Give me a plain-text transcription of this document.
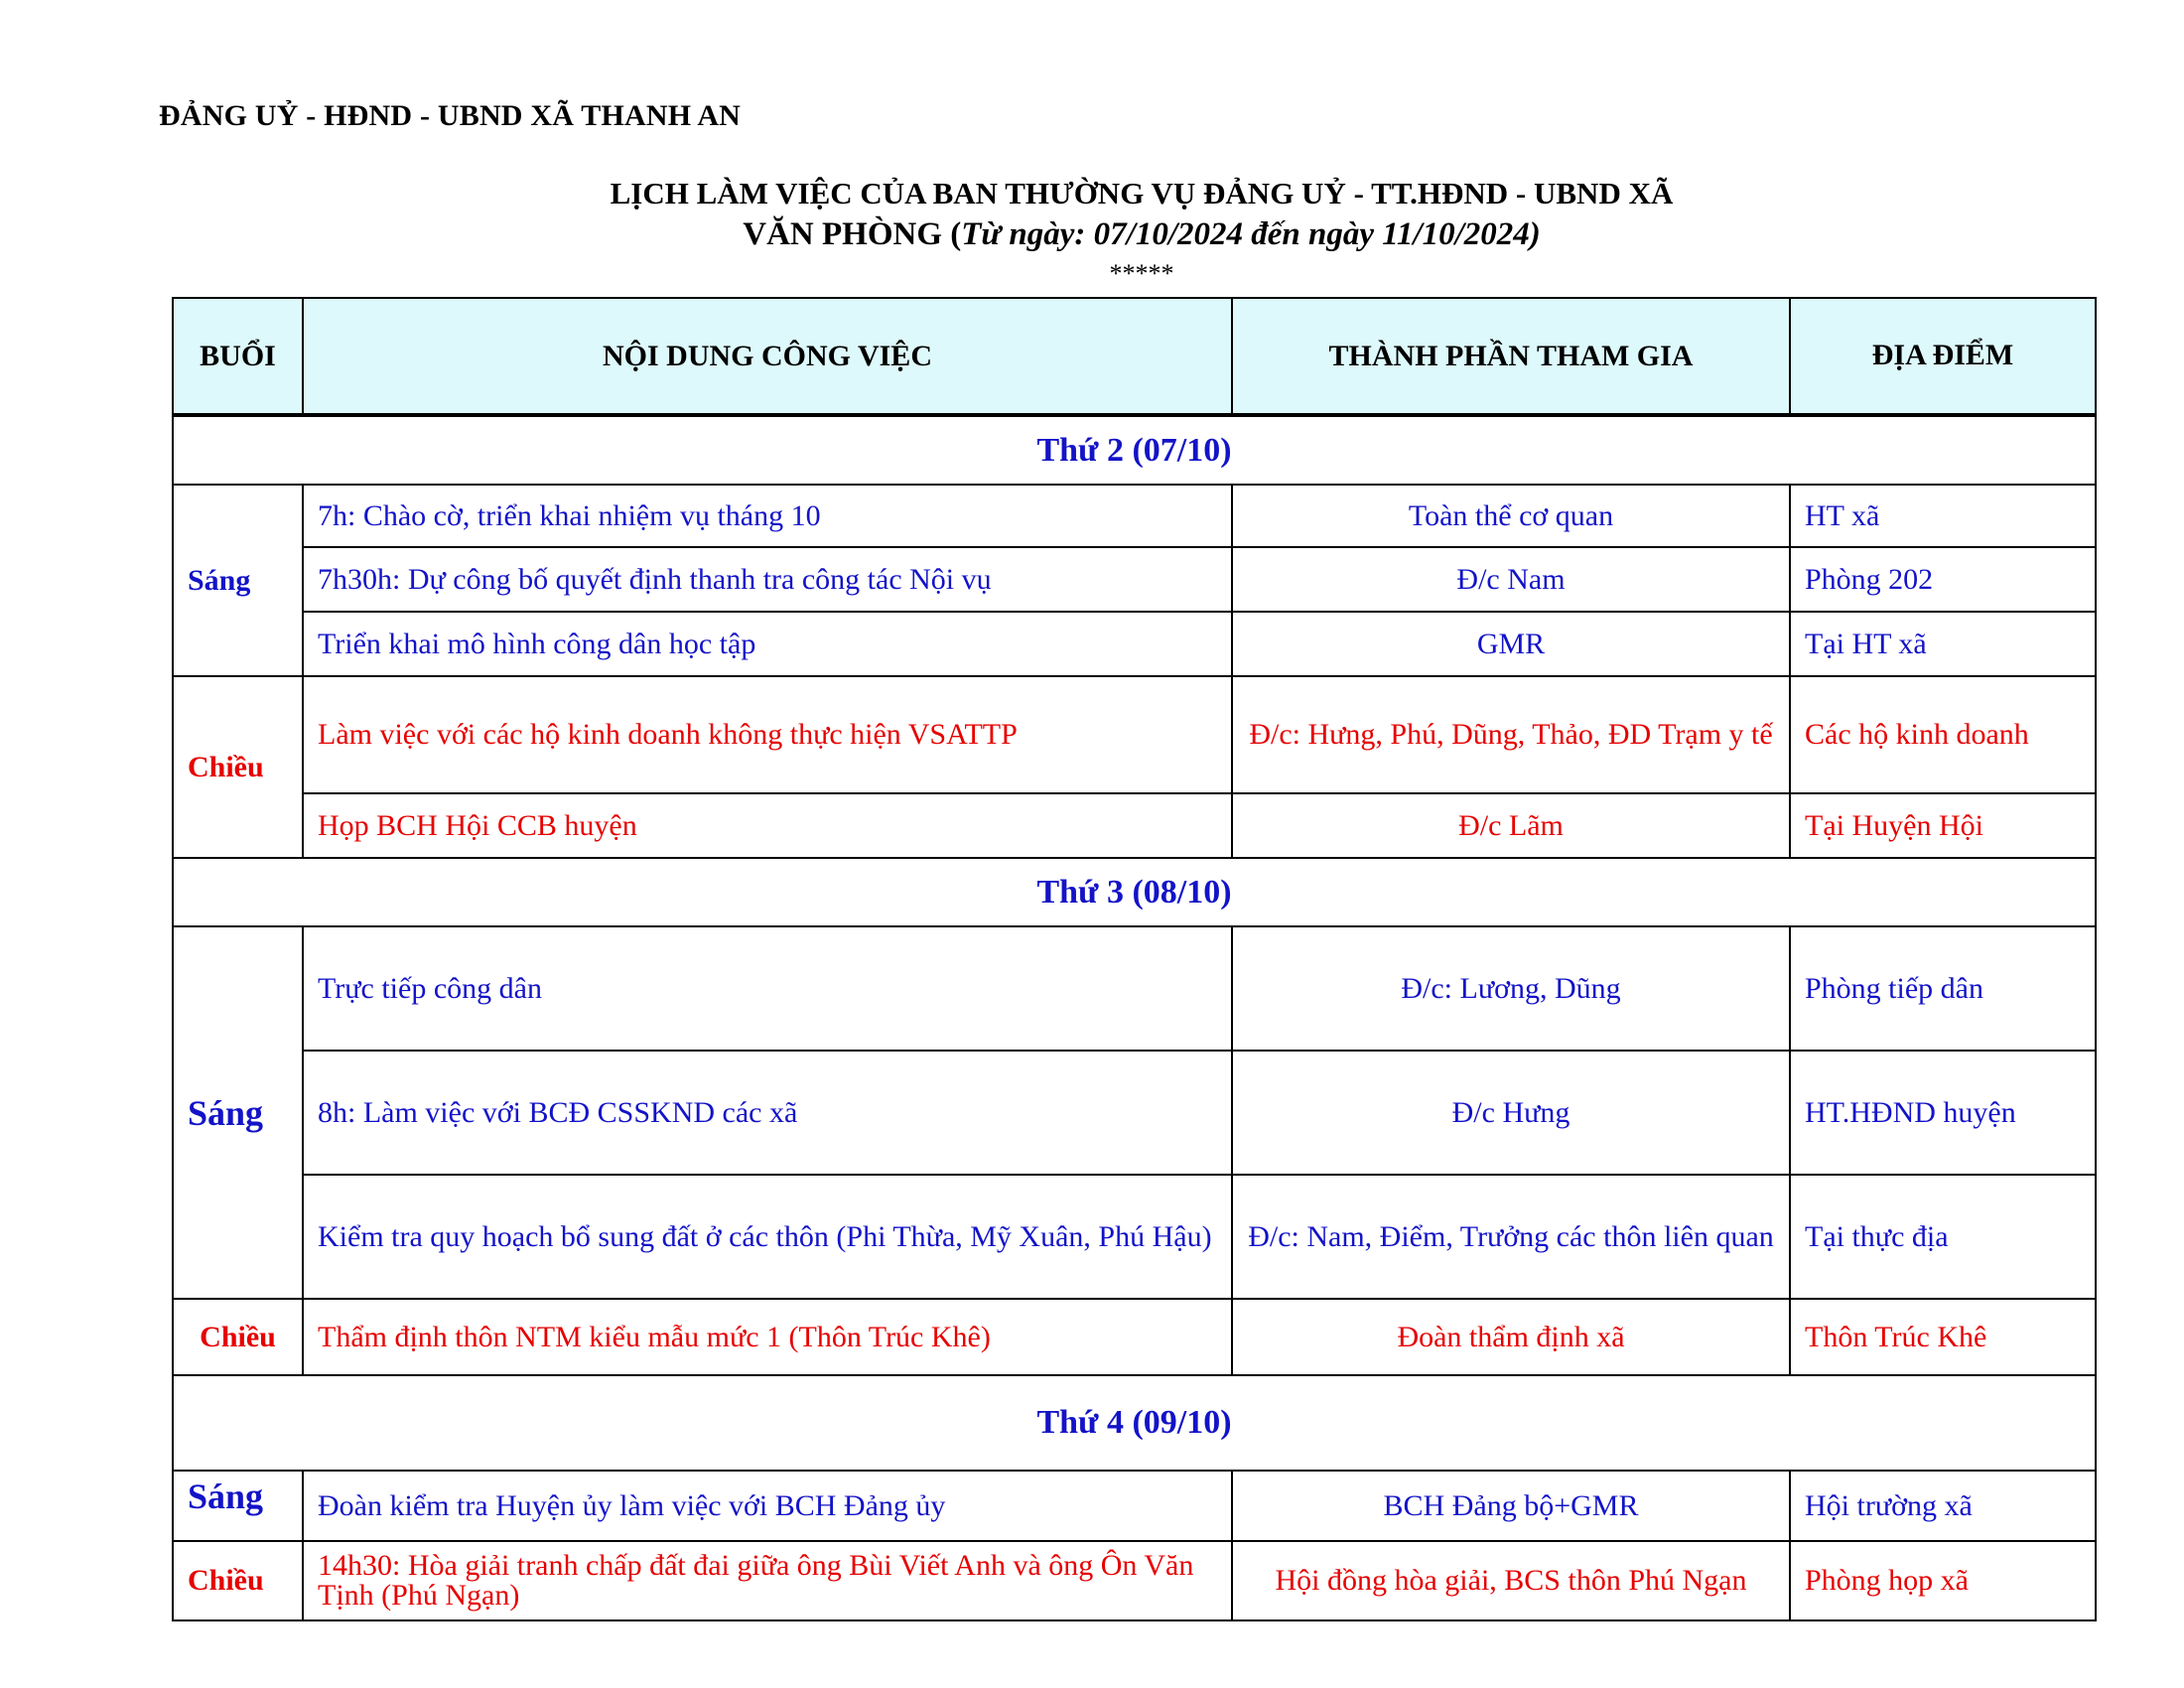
ĐẢNG UỶ - HĐND - UBND XÃ THANH AN
LỊCH LÀM VIỆC CỦA BAN THƯỜNG VỤ ĐẢNG UỶ - TT.HĐND - UBND XÃ
VĂN PHÒNG (Từ ngày: 07/10/2024 đến ngày 11/10/2024)
*****
BUỔI	NỘI DUNG CÔNG VIỆC	THÀNH PHẦN THAM GIA	ĐỊA ĐIỂM

Thứ 2 (07/10)			
Sáng	7h: Chào cờ, triển khai nhiệm vụ tháng 10	Toàn thể cơ quan	HT xã
	7h30h: Dự công bố quyết định thanh tra công tác Nội vụ	Đ/c Nam	Phòng 202
	Triển khai mô hình công dân học tập	GMR	Tại HT xã
Chiều	Làm việc với các hộ kinh doanh không thực hiện VSATTP	Đ/c: Hưng, Phú, Dũng, Thảo, ĐD Trạm y tế	Các hộ kinh doanh
	Họp BCH Hội CCB huyện	Đ/c Lãm	Tại Huyện Hội
Thứ 3 (08/10)			
Sáng	Trực tiếp công dân	Đ/c: Lương, Dũng	Phòng tiếp dân
	8h: Làm việc với BCĐ CSSKND các xã	Đ/c Hưng	HT.HĐND huyện
	Kiểm tra quy hoạch bổ sung đất ở các thôn (Phi Thừa, Mỹ Xuân, Phú Hậu)	Đ/c: Nam, Điểm, Trưởng các thôn liên quan	Tại thực địa
Chiều	Thẩm định thôn NTM kiểu mẫu mức 1 (Thôn Trúc Khê)	Đoàn thẩm định xã	Thôn Trúc Khê
Thứ 4 (09/10)			
Sáng	Đoàn kiểm tra Huyện ủy làm việc với BCH Đảng ủy	BCH Đảng bộ+GMR	Hội trường xã
Chiều	14h30: Hòa giải tranh chấp đất đai giữa ông Bùi Viết Anh và ông Ôn Văn Tịnh (Phú Ngạn)	Hội đồng hòa giải, BCS thôn Phú Ngạn	Phòng họp xã
